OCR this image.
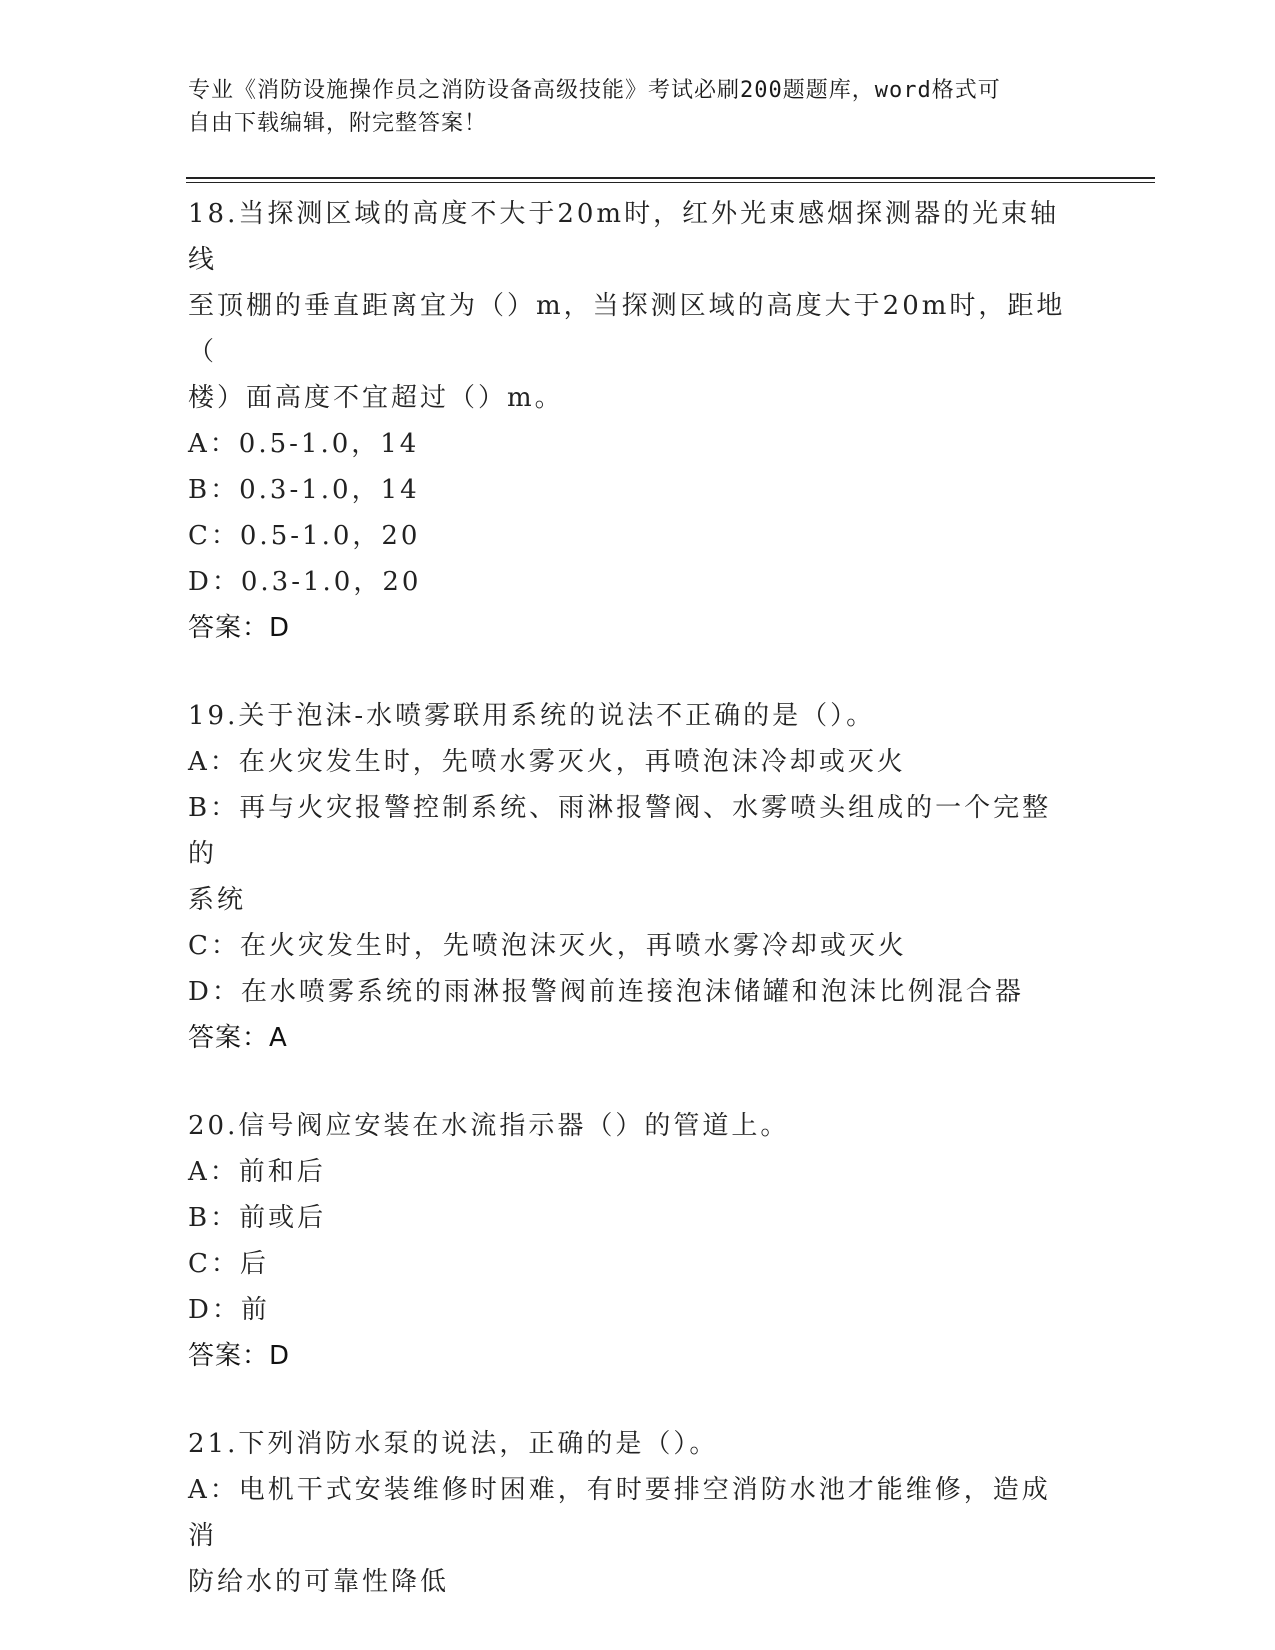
专业《消防设施操作员之消防设备高级技能》考试必刷200题题库，word格式可
自由下载编辑，附完整答案！

18.当探测区域的高度不大于20m时，红外光束感烟探测器的光束轴线

至顶棚的垂直距离宜为（）m，当探测区域的高度大于20m时，距地（

楼）面高度不宜超过（）m。

A：0.5-1.0，14

B：0.3-1.0，14

C：0.5-1.0，20

D：0.3-1.0，20

答案：D

19.关于泡沫-水喷雾联用系统的说法不正确的是（）。

A：在火灾发生时，先喷水雾灭火，再喷泡沫冷却或灭火

B：再与火灾报警控制系统、雨淋报警阀、水雾喷头组成的一个完整的

系统

C：在火灾发生时，先喷泡沫灭火，再喷水雾冷却或灭火

D：在水喷雾系统的雨淋报警阀前连接泡沫储罐和泡沫比例混合器

答案：A

20.信号阀应安装在水流指示器（）的管道上。

A：前和后

B：前或后

C：后

D：前

答案：D

21.下列消防水泵的说法，正确的是（）。

A：电机干式安装维修时困难，有时要排空消防水池才能维修，造成消

防给水的可靠性降低
